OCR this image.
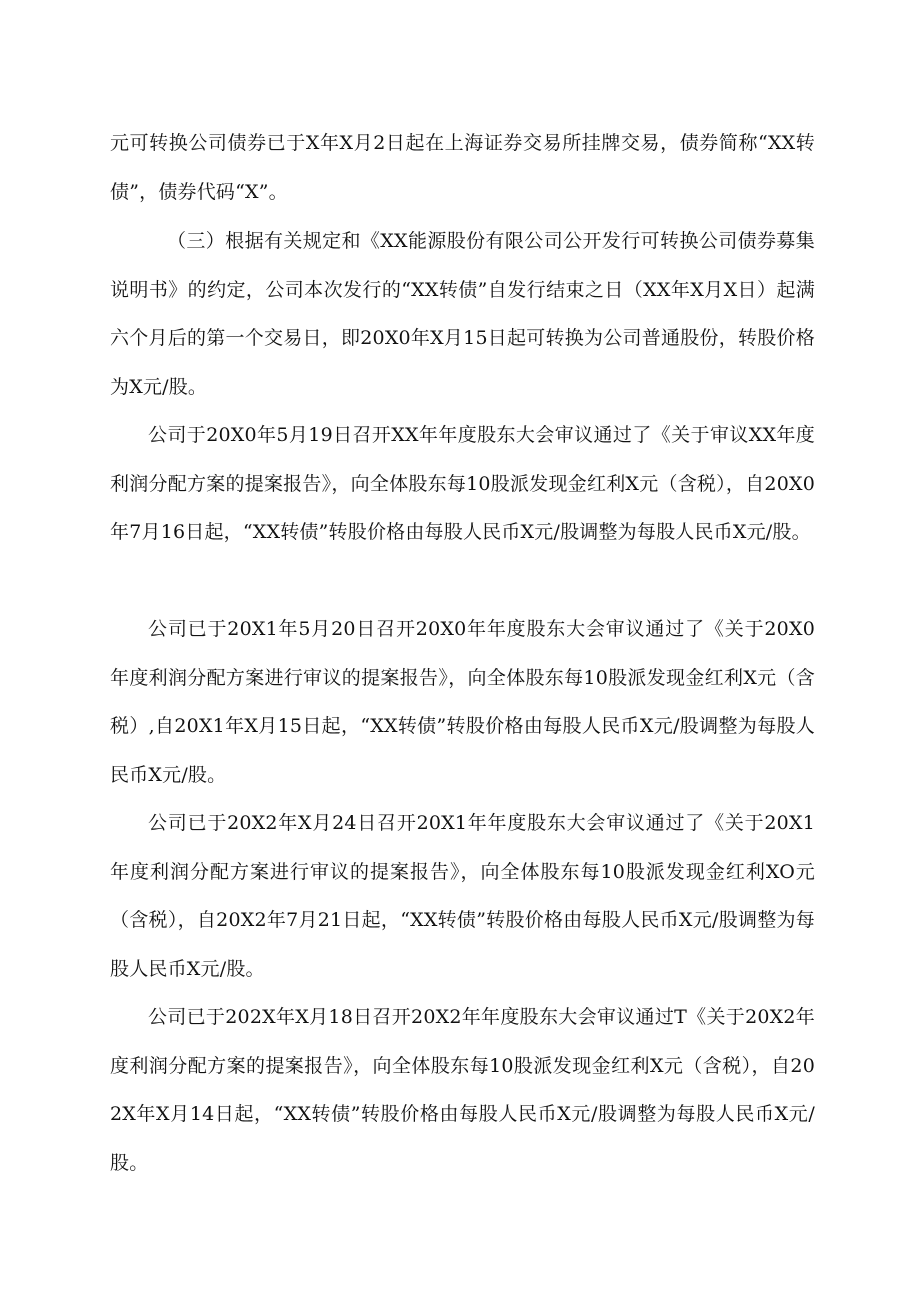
元可转换公司债券已于X年X月2日起在上海证券交易所挂牌交易，债券简称“XX转债”，债券代码“X”。

（三）根据有关规定和《XX能源股份有限公司公开发行可转换公司债券募集说明书》的约定，公司本次发行的“XX转债”自发行结束之日（XX年X月X日）起满六个月后的第一个交易日，即20X0年X月15日起可转换为公司普通股份，转股价格为X元/股。

公司于20X0年5月19日召开XX年年度股东大会审议通过了《关于审议XX年度利润分配方案的提案报告》，向全体股东每10股派发现金红利X元（含税），自20X0年7月16日起，“XX转债”转股价格由每股人民币X元/股调整为每股人民币X元/股。

公司已于20X1年5月20日召开20X0年年度股东大会审议通过了《关于20X0年度利润分配方案进行审议的提案报告》，向全体股东每10股派发现金红利X元（含税）,自20X1年X月15日起，“XX转债”转股价格由每股人民币X元/股调整为每股人民币X元/股。

公司已于20X2年X月24日召开20X1年年度股东大会审议通过了《关于20X1年度利润分配方案进行审议的提案报告》，向全体股东每10股派发现金红利XO元（含税），自20X2年7月21日起，“XX转债”转股价格由每股人民币X元/股调整为每股人民币X元/股。

公司已于202X年X月18日召开20X2年年度股东大会审议通过T《关于20X2年度利润分配方案的提案报告》，向全体股东每10股派发现金红利X元（含税），自202X年X月14日起，“XX转债”转股价格由每股人民币X元/股调整为每股人民币X元/股。
